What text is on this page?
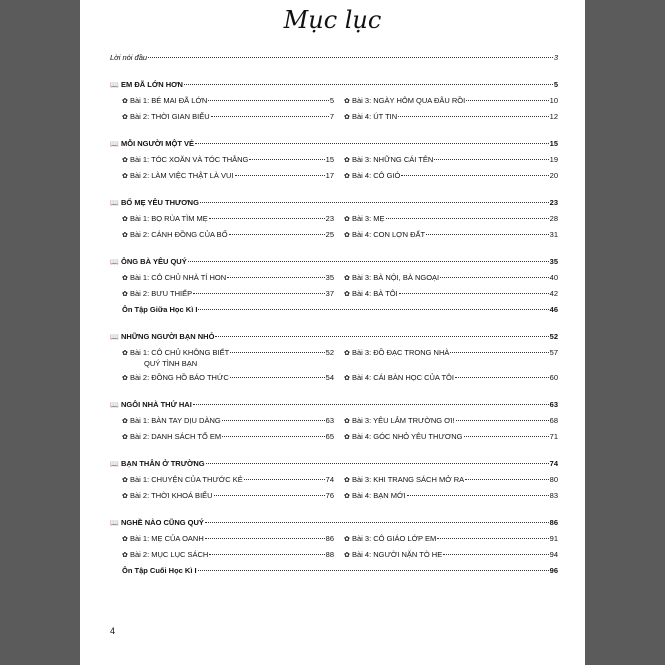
Mục lục
Lời nói đầu	3
📖 EM ĐÃ LỚN HƠN	5
✿ Bài 1: BÉ MAI ĐÃ LỚN	5 ✿ Bài 3: NGÀY HÔM QUA ĐÂU RỒI	10
✿ Bài 2: THỜI GIAN BIỂU	7 ✿ Bài 4: ÚT TIN	12
📖 MỖI NGƯỜI MỘT VẺ	15
✿ Bài 1: TÓC XOĂN VÀ TÓC THẲNG	15 ✿ Bài 3: NHỮNG CÁI TÊN	19
✿ Bài 2: LÀM VIỆC THẬT LÀ VUI	17 ✿ Bài 4: CÔ GIÓ	20
📖 BỐ MẸ YÊU THƯƠNG	23
✿ Bài 1: BỌ RÙA TÌM MẸ	23 ✿ Bài 3: MẸ	28
✿ Bài 2: CÁNH ĐỒNG CỦA BỐ	25 ✿ Bài 4: CON LỢN ĐẤT	31
📖 ÔNG BÀ YÊU QUÝ	35
✿ Bài 1: CÔ CHỦ NHÀ TÍ HON	35 ✿ Bài 3: BÀ NỘI, BÀ NGOẠI	40
✿ Bài 2: BƯU THIẾP	37 ✿ Bài 4: BÀ TÔI	42
Ôn Tập Giữa Học Kì I	46
📖 NHỮNG NGƯỜI BẠN NHỎ	52
✿ Bài 1: CÔ CHỦ KHÔNG BIẾT	52
QUÝ TÌNH BẠN
✿ Bài 3: ĐỒ ĐẠC TRONG NHÀ	57
✿ Bài 2: ĐỒNG HỒ BÁO THỨC	54 ✿ Bài 4: CÁI BÀN HỌC CỦA TÔI	60
📖 NGÔI NHÀ THỨ HAI	63
✿ Bài 1: BÀN TAY DỊU DÀNG	63 ✿ Bài 3: YÊU LẮM TRƯỜNG ƠI!	68
✿ Bài 2: DANH SÁCH TỔ EM	65 ✿ Bài 4: GÓC NHỎ YÊU THƯƠNG	71
📖 BẠN THÂN Ở TRƯỜNG	74
✿ Bài 1: CHUYỆN CỦA THƯỚC KẺ	74 ✿ Bài 3: KHI TRANG SÁCH MỞ RA	80
✿ Bài 2: THỜI KHOÁ BIỂU	76 ✿ Bài 4: BẠN MỚI	83
📖 NGHỀ NÀO CŨNG QUÝ	86
✿ Bài 1: MẸ CỦA OANH	86 ✿ Bài 3: CÔ GIÁO LỚP EM	91
✿ Bài 2: MỤC LỤC SÁCH	88 ✿ Bài 4: NGƯỜI NẶN TÒ HE	94
Ôn Tập Cuối Học Kì I	96
4
